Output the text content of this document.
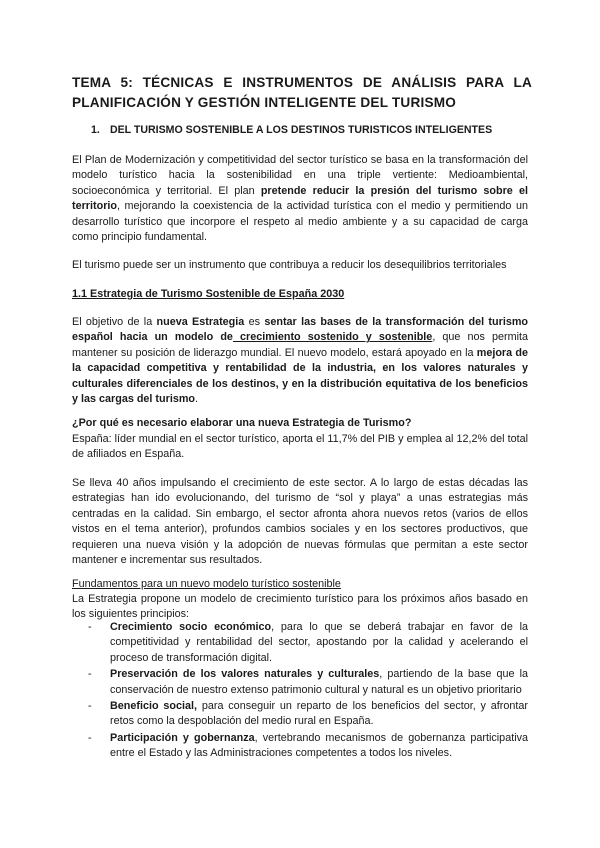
TEMA 5: TÉCNICAS E INSTRUMENTOS DE ANÁLISIS PARA LA PLANIFICACIÓN Y GESTIÓN INTELIGENTE DEL TURISMO
1. DEL TURISMO SOSTENIBLE A LOS DESTINOS TURISTICOS INTELIGENTES

El Plan de Modernización y competitividad del sector turístico se basa en la transformación del modelo turístico hacia la sostenibilidad en una triple vertiente: Medioambiental, socioeconómica y territorial. El plan pretende reducir la presión del turismo sobre el territorio, mejorando la coexistencia de la actividad turística con el medio y permitiendo un desarrollo turístico que incorpore el respeto al medio ambiente y a su capacidad de carga como principio fundamental.

El turismo puede ser un instrumento que contribuya a reducir los desequilibrios territoriales

1.1 Estrategia de Turismo Sostenible de España 2030

El objetivo de la nueva Estrategia es sentar las bases de la transformación del turismo español hacia un modelo de crecimiento sostenido y sostenible, que nos permita mantener su posición de liderazgo mundial. El nuevo modelo, estará apoyado en la mejora de la capacidad competitiva y rentabilidad de la industria, en los valores naturales y culturales diferenciales de los destinos, y en la distribución equitativa de los beneficios y las cargas del turismo.

¿Por qué es necesario elaborar una nueva Estrategia de Turismo?

España: líder mundial en el sector turístico, aporta el 11,7% del PIB y emplea al 12,2% del total de afiliados en España.

Se lleva 40 años impulsando el crecimiento de este sector. A lo largo de estas décadas las estrategias han ido evolucionando, del turismo de “sol y playa” a unas estrategias más centradas en la calidad. Sin embargo, el sector afronta ahora nuevos retos (varios de ellos vistos en el tema anterior), profundos cambios sociales y en los sectores productivos, que requieren una nueva visión y la adopción de nuevas fórmulas que permitan a este sector mantener e incrementar sus resultados.

Fundamentos para un nuevo modelo turístico sostenible

La Estrategia propone un modelo de crecimiento turístico para los próximos años basado en los siguientes principios:

- Crecimiento socio económico, para lo que se deberá trabajar en favor de la competitividad y rentabilidad del sector, apostando por la calidad y acelerando el proceso de transformación digital.
- Preservación de los valores naturales y culturales, partiendo de la base que la conservación de nuestro extenso patrimonio cultural y natural es un objetivo prioritario
- Beneficio social, para conseguir un reparto de los beneficios del sector, y afrontar retos como la despoblación del medio rural en España.
- Participación y gobernanza, vertebrando mecanismos de gobernanza participativa entre el Estado y las Administraciones competentes a todos los niveles.
